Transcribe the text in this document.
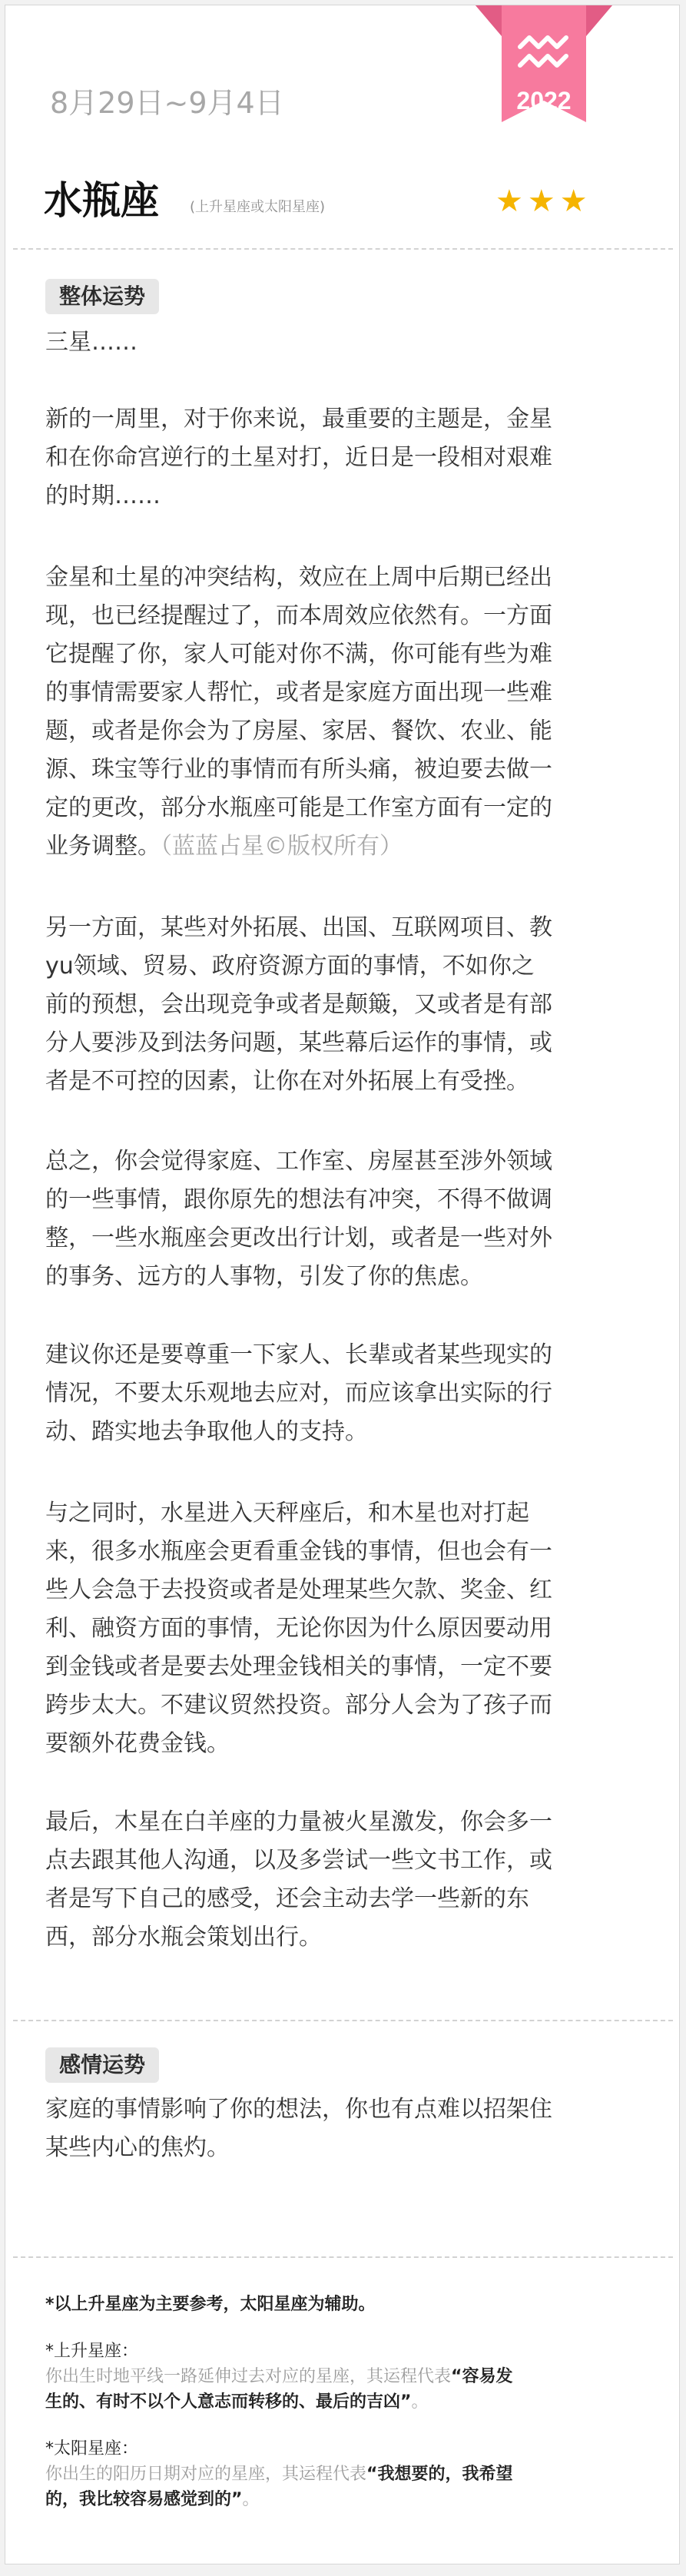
2022
8月29日~9月4日
水瓶座 (上升星座或太阳星座)	★★★
整体运势
三星……
新的一周里，对于你来说，最重要的主题是，金星
和在你命宫逆行的土星对打，近日是一段相对艰难
的时期……
金星和土星的冲突结构，效应在上周中后期已经出
现，也已经提醒过了，而本周效应依然有。一方面
它提醒了你，家人可能对你不满，你可能有些为难
的事情需要家人帮忙，或者是家庭方面出现一些难
题，或者是你会为了房屋、家居、餐饮、农业、能
源、珠宝等行业的事情而有所头痛，被迫要去做一
定的更改，部分水瓶座可能是工作室方面有一定的
业务调整。（蓝蓝占星©版权所有）
另一方面，某些对外拓展、出国、互联网项目、教
yu领域、贸易、政府资源方面的事情，不如你之
前的预想，会出现竞争或者是颠簸，又或者是有部
分人要涉及到法务问题，某些幕后运作的事情，或
者是不可控的因素，让你在对外拓展上有受挫。
总之，你会觉得家庭、工作室、房屋甚至涉外领域
的一些事情，跟你原先的想法有冲突，不得不做调
整，一些水瓶座会更改出行计划，或者是一些对外
的事务、远方的人事物，引发了你的焦虑。
建议你还是要尊重一下家人、长辈或者某些现实的
情况，不要太乐观地去应对，而应该拿出实际的行
动、踏实地去争取他人的支持。
与之同时，水星进入天秤座后，和木星也对打起
来，很多水瓶座会更看重金钱的事情，但也会有一
些人会急于去投资或者是处理某些欠款、奖金、红
利、融资方面的事情，无论你因为什么原因要动用
到金钱或者是要去处理金钱相关的事情，一定不要
跨步太大。不建议贸然投资。部分人会为了孩子而
要额外花费金钱。
最后，木星在白羊座的力量被火星激发，你会多一
点去跟其他人沟通，以及多尝试一些文书工作，或
者是写下自己的感受，还会主动去学一些新的东
西，部分水瓶会策划出行。
感情运势
家庭的事情影响了你的想法，你也有点难以招架住
某些内心的焦灼。
*以上升星座为主要参考，太阳星座为辅助。
*上升星座：
你出生时地平线一路延伸过去对应的星座，其运程代表“容易发
生的、有时不以个人意志而转移的、最后的吉凶”。
*太阳星座：
你出生的阳历日期对应的星座，其运程代表“我想要的，我希望
的，我比较容易感觉到的”。
